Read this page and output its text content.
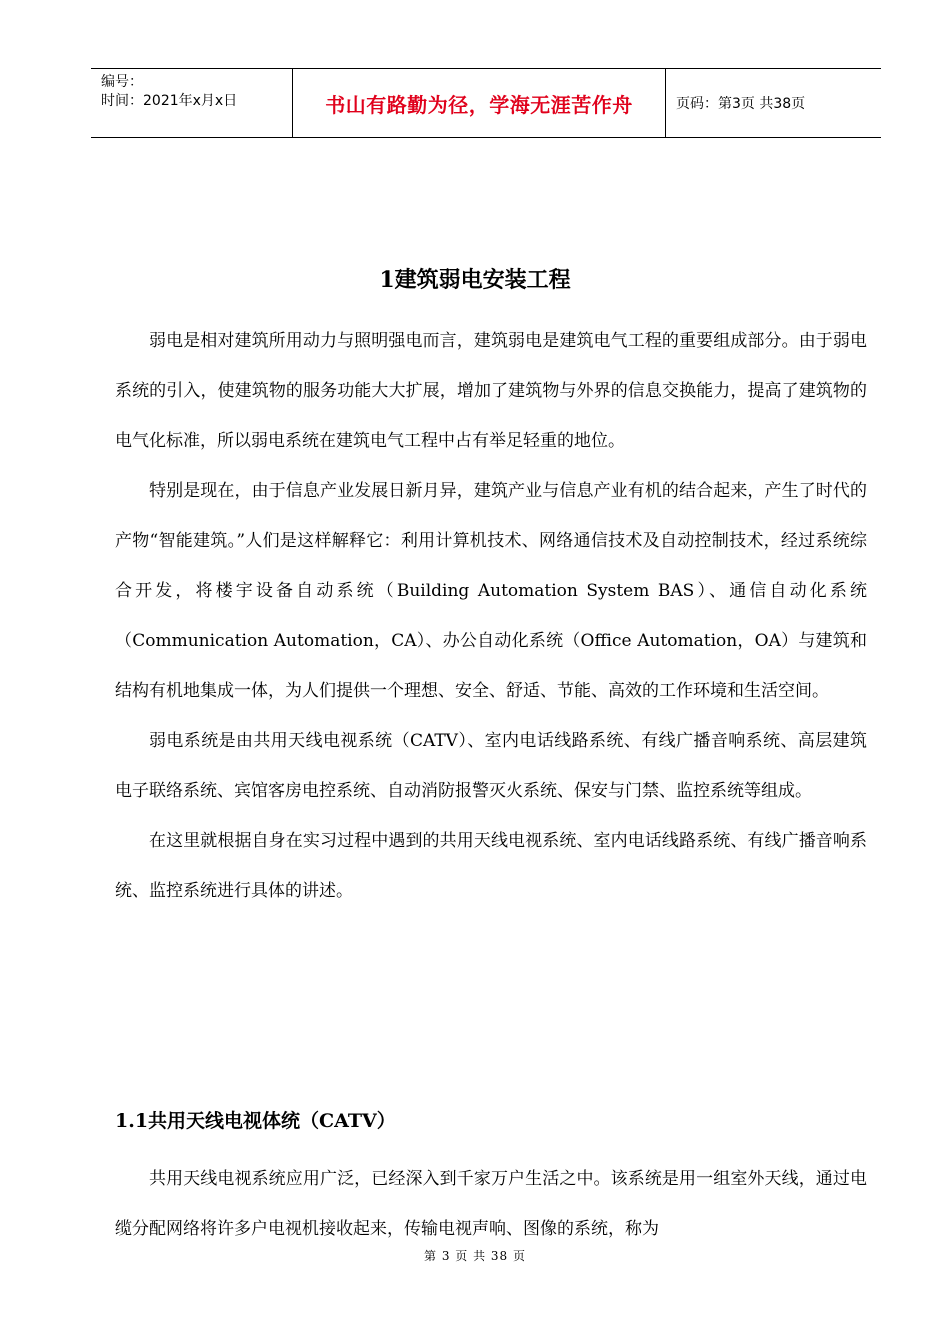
编号：
时间：2021年x月x日	书山有路勤为径，学海无涯苦作舟	页码：第3页 共38页
1建筑弱电安装工程

弱电是相对建筑所用动力与照明强电而言，建筑弱电是建筑电气工程的重要组成部分。由于弱电系统的引入，使建筑物的服务功能大大扩展，增加了建筑物与外界的信息交换能力，提高了建筑物的电气化标准，所以弱电系统在建筑电气工程中占有举足轻重的地位。

特别是现在，由于信息产业发展日新月异，建筑产业与信息产业有机的结合起来，产生了时代的产物“智能建筑。”人们是这样解释它：利用计算机技术、网络通信技术及自动控制技术，经过系统综合开发，将楼宇设备自动系统（Building Automation System BAS）、通信自动化系统（Communication Automation，CA）、办公自动化系统（Office Automation，OA）与建筑和结构有机地集成一体，为人们提供一个理想、安全、舒适、节能、高效的工作环境和生活空间。

弱电系统是由共用天线电视系统（CATV）、室内电话线路系统、有线广播音响系统、高层建筑电子联络系统、宾馆客房电控系统、自动消防报警灭火系统、保安与门禁、监控系统等组成。

在这里就根据自身在实习过程中遇到的共用天线电视系统、室内电话线路系统、有线广播音响系统、监控系统进行具体的讲述。

1.1共用天线电视体统（CATV）

共用天线电视系统应用广泛，已经深入到千家万户生活之中。该系统是用一组室外天线，通过电缆分配网络将许多户电视机接收起来，传输电视声响、图像的系统，称为

第 3 页 共 38 页
